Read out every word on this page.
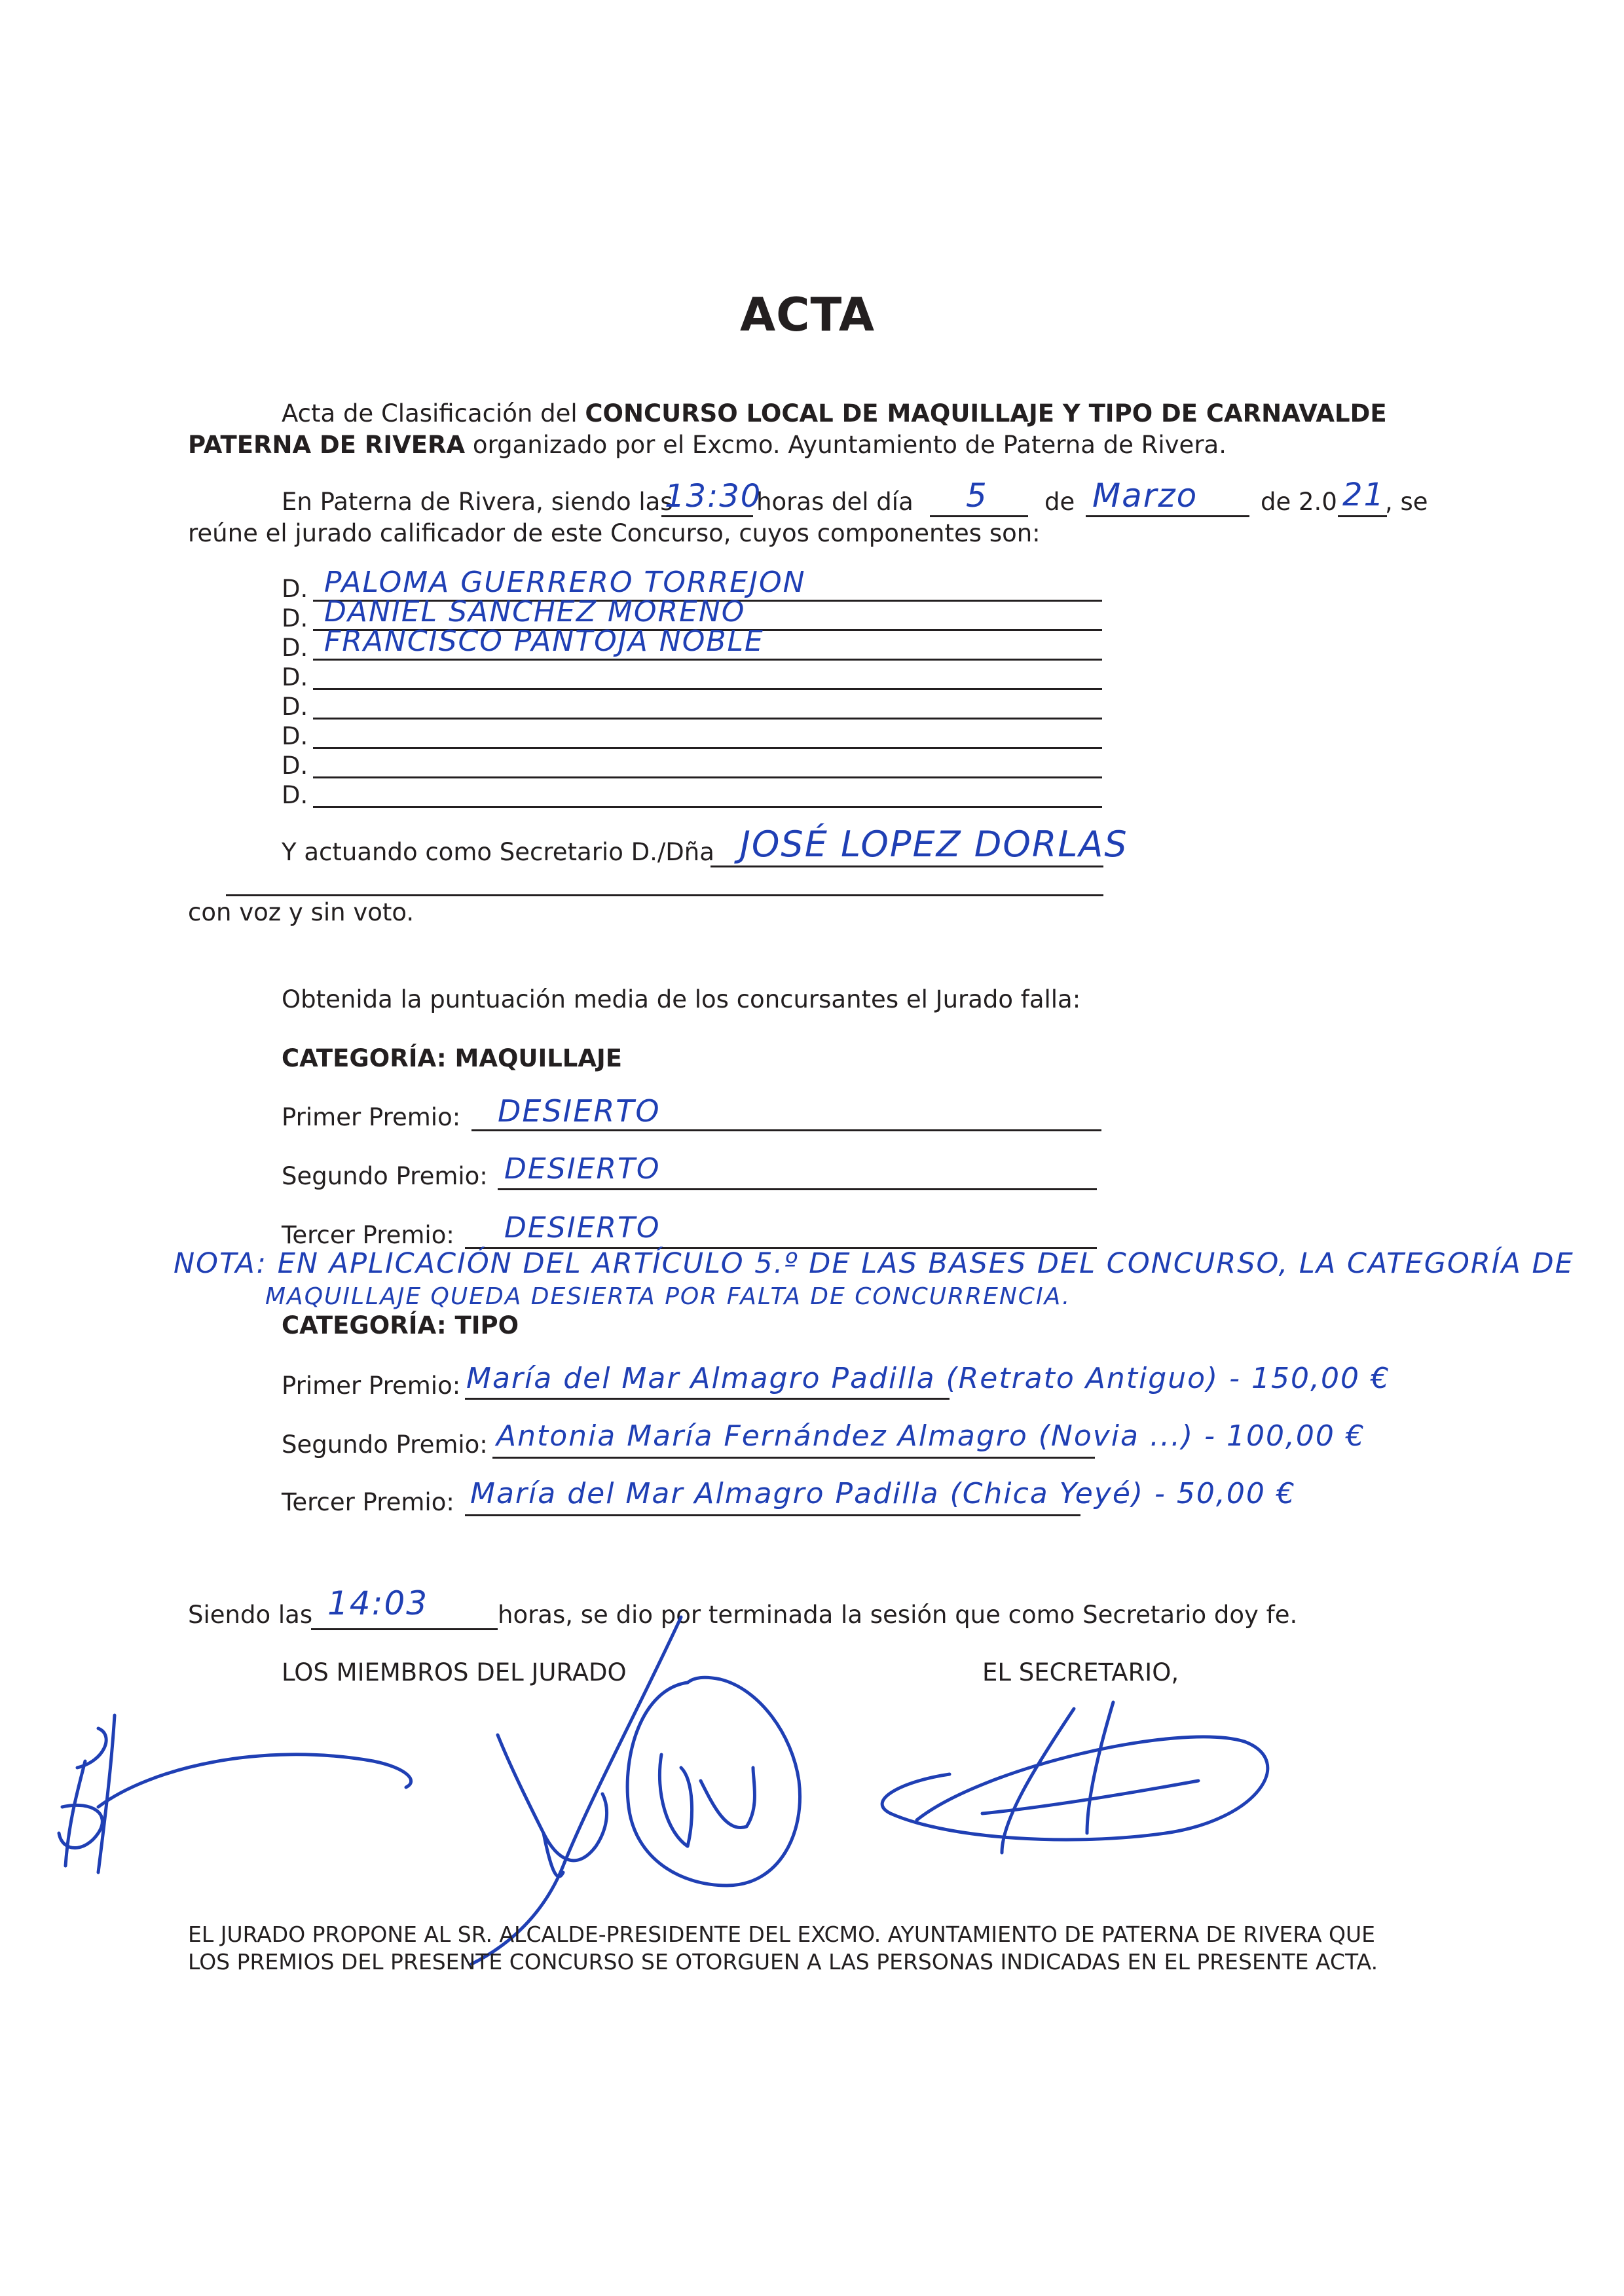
ACTA
Acta de Clasificación del CONCURSO LOCAL DE MAQUILLAJE Y TIPO DE CARNAVALDE
PATERNA DE RIVERA organizado por el Excmo. Ayuntamiento de Paterna de Rivera.
En Paterna de Rivera, siendo las
13:30
horas del día 5 de Marzo	de 2.0 21 , se
reúne el jurado calificador de este Concurso, cuyos componentes son:
D. PALOMA GUERRERO TORREJON
D. DANIEL SANCHEZ MORENO
D. FRANCISCO PANTOJA NOBLE
D.
D.
D.
D.
D.
Y actuando como Secretario D./Dña JOSÉ LOPEZ DORLAS
con voz y sin voto.
Obtenida la puntuación media de los concursantes el Jurado falla:
CATEGORÍA: MAQUILLAJE
Primer Premio: DESIERTO
Segundo Premio: DESIERTO
Tercer Premio: DESIERTO
NOTA: EN APLICACIÓN DEL ARTÍCULO 5.º DE LAS BASES DEL CONCURSO, LA CATEGORÍA DE
MAQUILLAJE QUEDA DESIERTA POR FALTA DE CONCURRENCIA.
CATEGORÍA: TIPO
Primer Premio: María del Mar Almagro Padilla (Retrato Antiguo) - 150,00 €
Segundo Premio: Antonia María Fernández Almagro (Novia ...) - 100,00 €
Tercer Premio: María del Mar Almagro Padilla (Chica Yeyé) - 50,00 €
Siendo las 14:03	horas, se dio por terminada la sesión que como Secretario doy fe.
LOS MIEMBROS DEL JURADO	EL SECRETARIO,
EL JURADO PROPONE AL SR. ALCALDE-PRESIDENTE DEL EXCMO. AYUNTAMIENTO DE PATERNA DE RIVERA QUE
LOS PREMIOS DEL PRESENTE CONCURSO SE OTORGUEN A LAS PERSONAS INDICADAS EN EL PRESENTE ACTA.
